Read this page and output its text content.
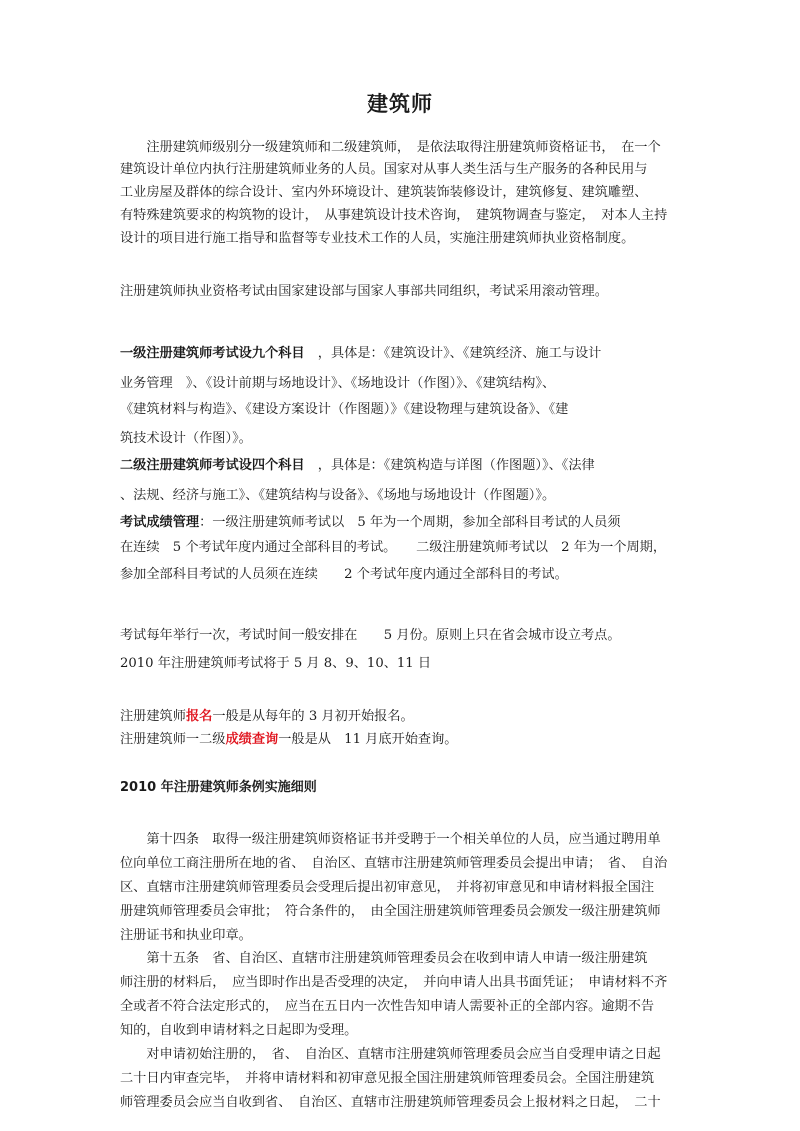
建筑师
　　注册建筑师级别分一级建筑师和二级建筑师，　是依法取得注册建筑师资格证书，　在一个
建筑设计单位内执行注册建筑师业务的人员。国家对从事人类生活与生产服务的各种民用与
工业房屋及群体的综合设计、室内外环境设计、建筑装饰装修设计，建筑修复、建筑雕塑、
有特殊建筑要求的构筑物的设计，　从事建筑设计技术咨询，　建筑物调查与鉴定，　对本人主持
设计的项目进行施工指导和监督等专业技术工作的人员，实施注册建筑师执业资格制度。
注册建筑师执业资格考试由国家建设部与国家人事部共同组织，考试采用滚动管理。
一级注册建筑师考试设九个科目　，具体是：《建筑设计》、《建筑经济、施工与设计
业务管理　》、《设计前期与场地设计》、《场地设计（作图）》、《建筑结构》、
《建筑材料与构造》、《建设方案设计（作图题）》《建设物理与建筑设备》、《建
筑技术设计（作图）》。
二级注册建筑师考试设四个科目　，具体是：《建筑构造与详图（作图题）》、《法律
、法规、经济与施工》、《建筑结构与设备》、《场地与场地设计（作图题）》。
考试成绩管理：一级注册建筑师考试以　5 年为一个周期，参加全部科目考试的人员须
在连续　5 个考试年度内通过全部科目的考试。　　二级注册建筑师考试以　2 年为一个周期，
参加全部科目考试的人员须在连续　　2 个考试年度内通过全部科目的考试。
考试每年举行一次，考试时间一般安排在　　5 月份。原则上只在省会城市设立考点。
2010 年注册建筑师考试将于 5 月 8、9、10、11 日
注册建筑师报名一般是从每年的 3 月初开始报名。
注册建筑师一二级成绩查询一般是从　11 月底开始查询。
2010 年注册建筑师条例实施细则
　　第十四条　取得一级注册建筑师资格证书并受聘于一个相关单位的人员，应当通过聘用单
位向单位工商注册所在地的省、　自治区、直辖市注册建筑师管理委员会提出申请；　省、　自治
区、直辖市注册建筑师管理委员会受理后提出初审意见，　并将初审意见和申请材料报全国注
册建筑师管理委员会审批；　符合条件的，　由全国注册建筑师管理委员会颁发一级注册建筑师
注册证书和执业印章。
　　第十五条　省、自治区、直辖市注册建筑师管理委员会在收到申请人申请一级注册建筑
师注册的材料后，　应当即时作出是否受理的决定，　并向申请人出具书面凭证；　申请材料不齐
全或者不符合法定形式的，　应当在五日内一次性告知申请人需要补正的全部内容。逾期不告
知的，自收到申请材料之日起即为受理。
　　对申请初始注册的，　省、　自治区、直辖市注册建筑师管理委员会应当自受理申请之日起
二十日内审查完毕，　并将申请材料和初审意见报全国注册建筑师管理委员会。全国注册建筑
师管理委员会应当自收到省、　自治区、直辖市注册建筑师管理委员会上报材料之日起，　二十
